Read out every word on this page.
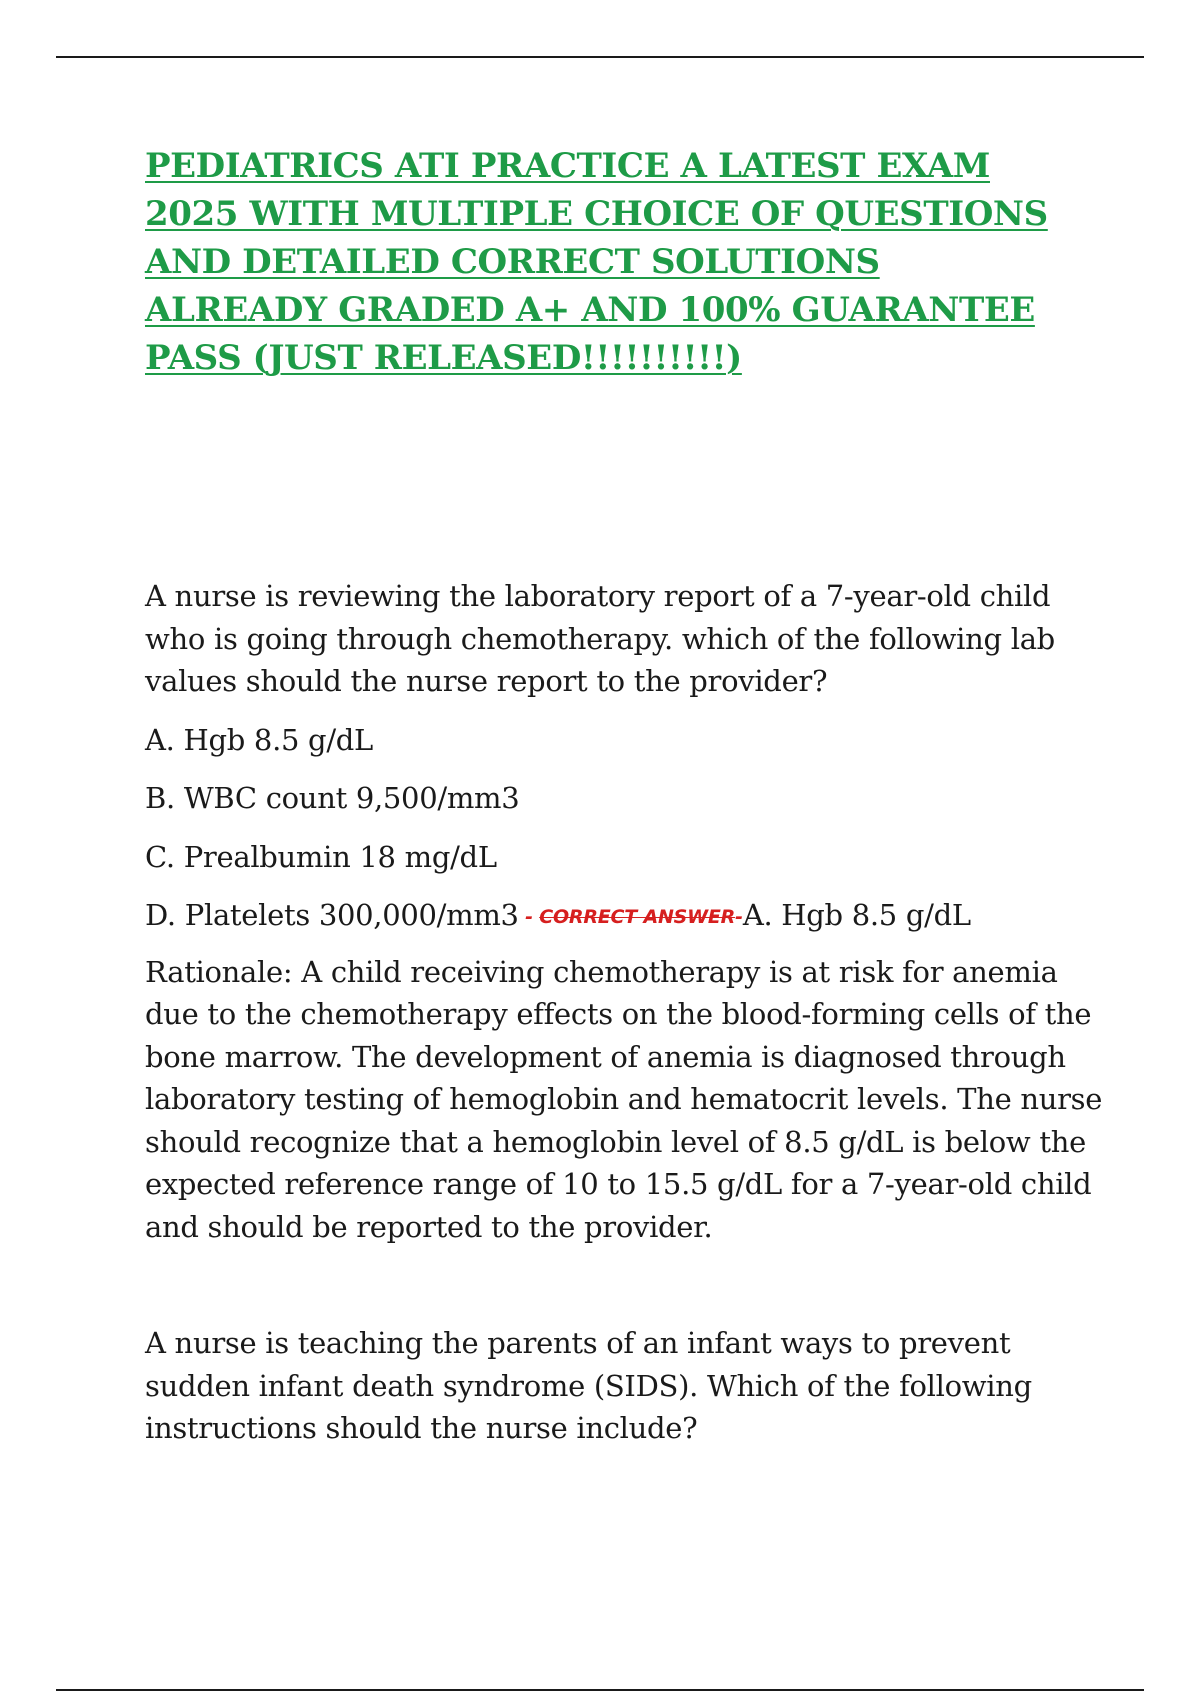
PEDIATRICS ATI PRACTICE A LATEST EXAM
2025 WITH MULTIPLE CHOICE OF QUESTIONS
AND DETAILED CORRECT SOLUTIONS
ALREADY GRADED A+ AND 100% GUARANTEE
PASS (JUST RELEASED!!!!!!!!!!)

A nurse is reviewing the laboratory report of a 7-year-old child
who is going through chemotherapy. which of the following lab
values should the nurse report to the provider?

A. Hgb 8.5 g/dL

B. WBC count 9,500/mm3

C. Prealbumin 18 mg/dL

D. Platelets 300,000/mm3 - CORRECT ANSWER-A. Hgb 8.5 g/dL

Rationale: A child receiving chemotherapy is at risk for anemia
due to the chemotherapy effects on the blood-forming cells of the
bone marrow. The development of anemia is diagnosed through
laboratory testing of hemoglobin and hematocrit levels. The nurse
should recognize that a hemoglobin level of 8.5 g/dL is below the
expected reference range of 10 to 15.5 g/dL for a 7-year-old child
and should be reported to the provider.

A nurse is teaching the parents of an infant ways to prevent
sudden infant death syndrome (SIDS). Which of the following
instructions should the nurse include?
